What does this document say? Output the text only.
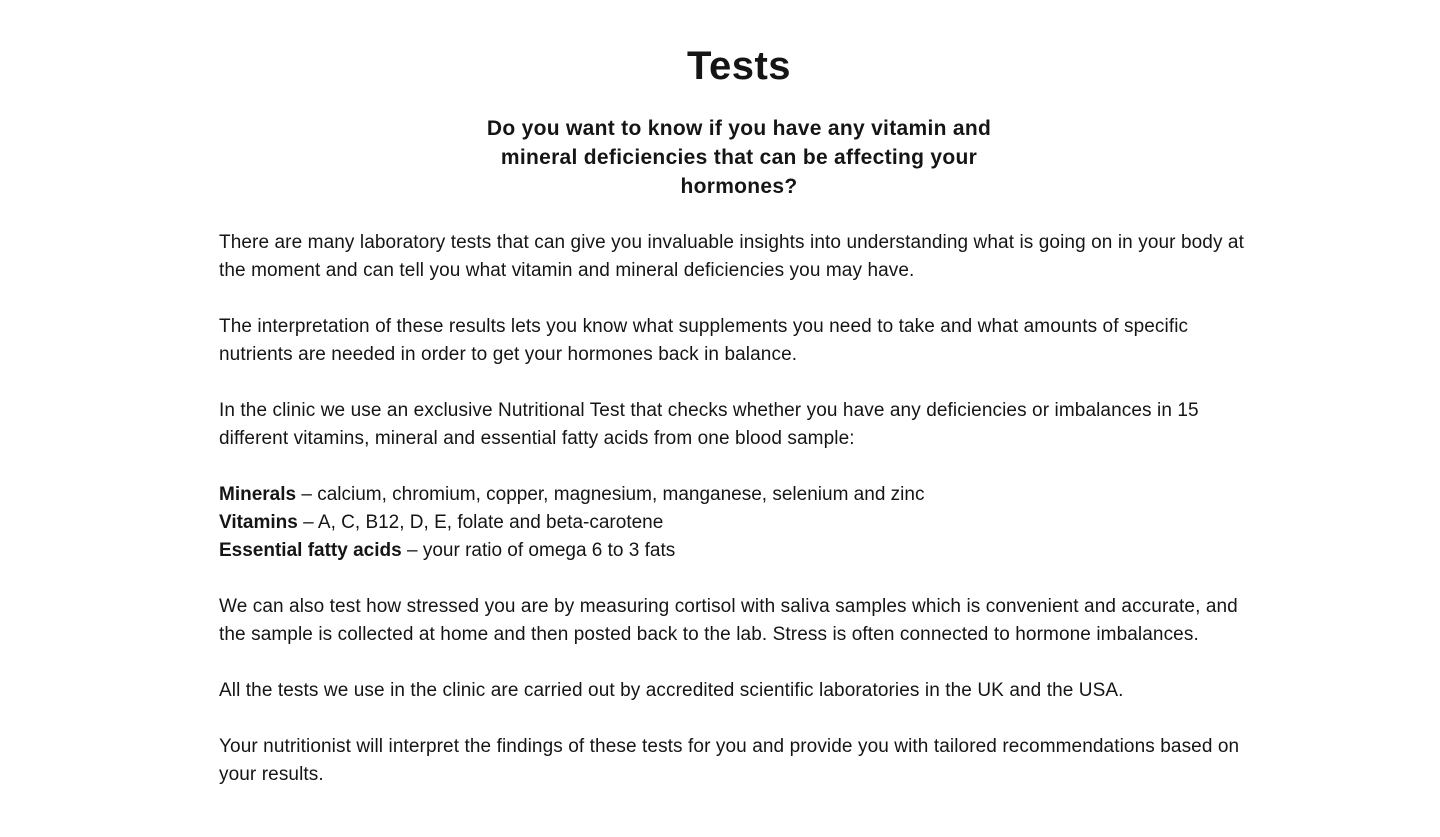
Tests
Do you want to know if you have any vitamin and mineral deficiencies that can be affecting your hormones?

There are many laboratory tests that can give you invaluable insights into understanding what is going on in your body at the moment and can tell you what vitamin and mineral deficiencies you may have.

The interpretation of these results lets you know what supplements you need to take and what amounts of specific nutrients are needed in order to get your hormones back in balance.

In the clinic we use an exclusive Nutritional Test that checks whether you have any deficiencies or imbalances in 15 different vitamins, mineral and essential fatty acids from one blood sample:

Minerals – calcium, chromium, copper, magnesium, manganese, selenium and zinc
Vitamins – A, C, B12, D, E, folate and beta-carotene
Essential fatty acids – your ratio of omega 6 to 3 fats

We can also test how stressed you are by measuring cortisol with saliva samples which is convenient and accurate, and the sample is collected at home and then posted back to the lab. Stress is often connected to hormone imbalances.

All the tests we use in the clinic are carried out by accredited scientific laboratories in the UK and the USA.

Your nutritionist will interpret the findings of these tests for you and provide you with tailored recommendations based on your results.
